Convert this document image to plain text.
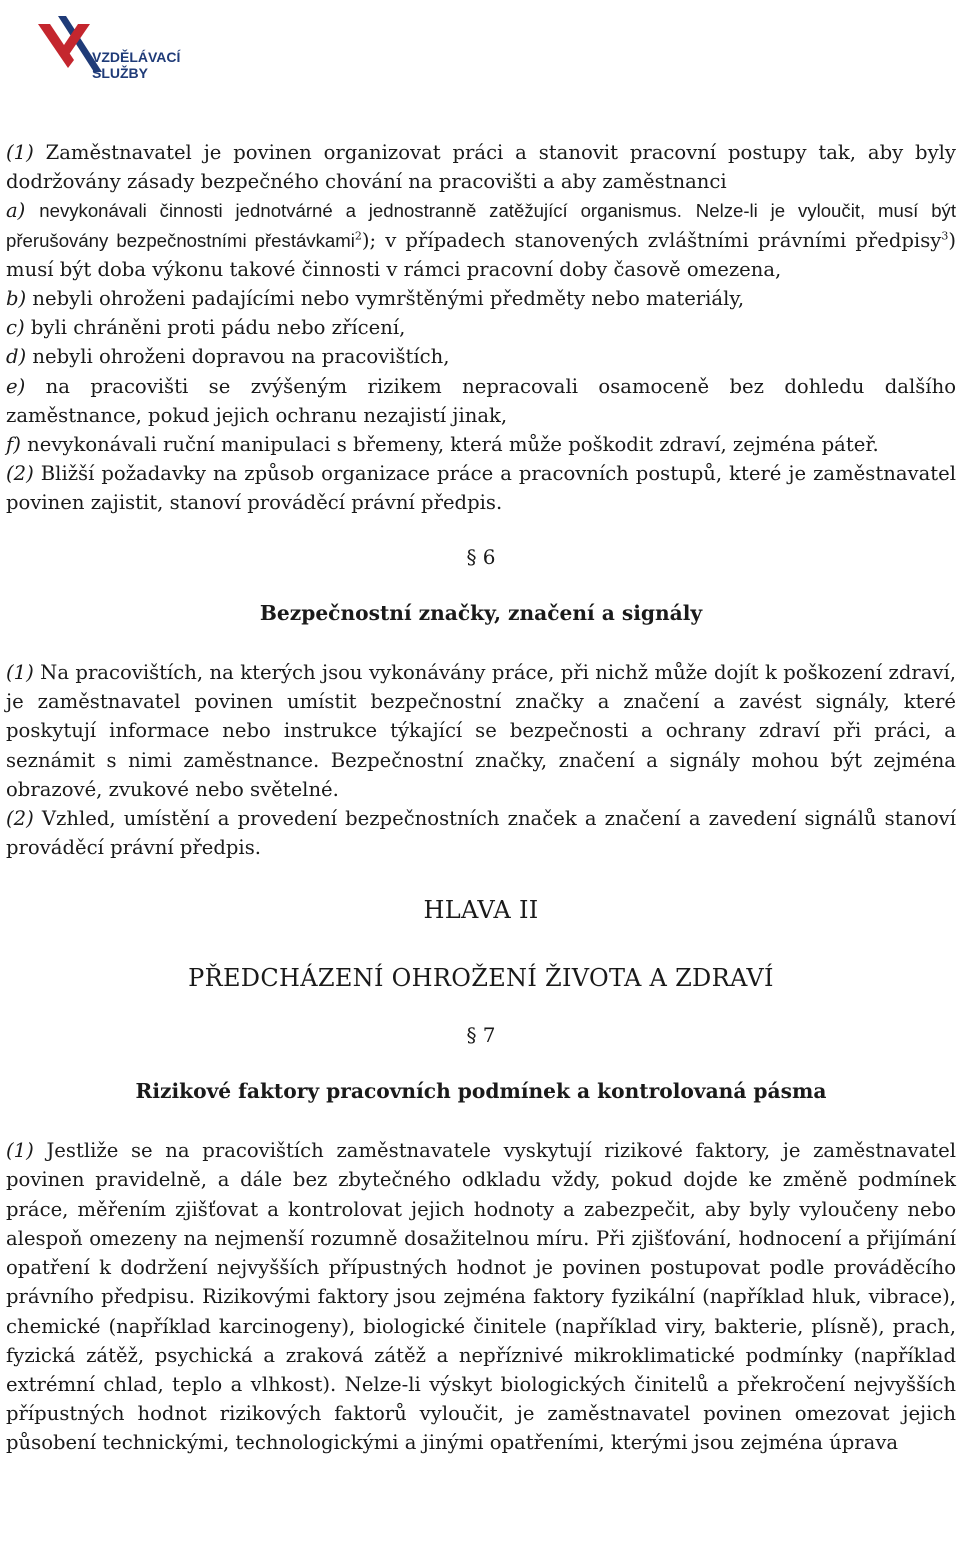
VZDĚLÁVACÍ
SLUŽBY

(1) Zaměstnavatel je povinen organizovat práci a stanovit pracovní postupy tak, aby byly dodržovány zásady bezpečného chování na pracovišti a aby zaměstnanci
a) nevykonávali činnosti jednotvárné a jednostranně zatěžující organismus. Nelze-li je vyloučit, musí být přerušovány bezpečnostními přestávkami$^2$); v případech stanovených zvláštními právními předpisy$^3$) musí být doba výkonu takové činnosti v rámci pracovní doby časově omezena,
b) nebyli ohroženi padajícími nebo vymrštěnými předměty nebo materiály,
c) byli chráněni proti pádu nebo zřícení,
d) nebyli ohroženi dopravou na pracovištích,
e) na pracovišti se zvýšeným rizikem nepracovali osamoceně bez dohledu dalšího zaměstnance, pokud jejich ochranu nezajistí jinak,
f) nevykonávali ruční manipulaci s břemeny, která může poškodit zdraví, zejména páteř.

(2) Bližší požadavky na způsob organizace práce a pracovních postupů, které je zaměstnavatel povinen zajistit, stanoví prováděcí právní předpis.

§ 6

Bezpečnostní značky, značení a signály

(1) Na pracovištích, na kterých jsou vykonávány práce, při nichž může dojít k poškození zdraví, je zaměstnavatel povinen umístit bezpečnostní značky a značení a zavést signály, které poskytují informace nebo instrukce týkající se bezpečnosti a ochrany zdraví při práci, a seznámit s nimi zaměstnance. Bezpečnostní značky, značení a signály mohou být zejména obrazové, zvukové nebo světelné.

(2) Vzhled, umístění a provedení bezpečnostních značek a značení a zavedení signálů stanoví prováděcí právní předpis.

HLAVA II

PŘEDCHÁZENÍ OHROŽENÍ ŽIVOTA A ZDRAVÍ

§ 7

Rizikové faktory pracovních podmínek a kontrolovaná pásma

(1) Jestliže se na pracovištích zaměstnavatele vyskytují rizikové faktory, je zaměstnavatel povinen pravidelně, a dále bez zbytečného odkladu vždy, pokud dojde ke změně podmínek práce, měřením zjišťovat a kontrolovat jejich hodnoty a zabezpečit, aby byly vyloučeny nebo alespoň omezeny na nejmenší rozumně dosažitelnou míru. Při zjišťování, hodnocení a přijímání opatření k dodržení nejvyšších přípustných hodnot je povinen postupovat podle prováděcího právního předpisu. Rizikovými faktory jsou zejména faktory fyzikální (například hluk, vibrace), chemické (například karcinogeny), biologické činitele (například viry, bakterie, plísně), prach, fyzická zátěž, psychická a zraková zátěž a nepříznivé mikroklimatické podmínky (například extrémní chlad, teplo a vlhkost). Nelze-li výskyt biologických činitelů a překročení nejvyšších přípustných hodnot rizikových faktorů vyloučit, je zaměstnavatel povinen omezovat jejich působení technickými, technologickými a jinými opatřeními, kterými jsou zejména úprava
